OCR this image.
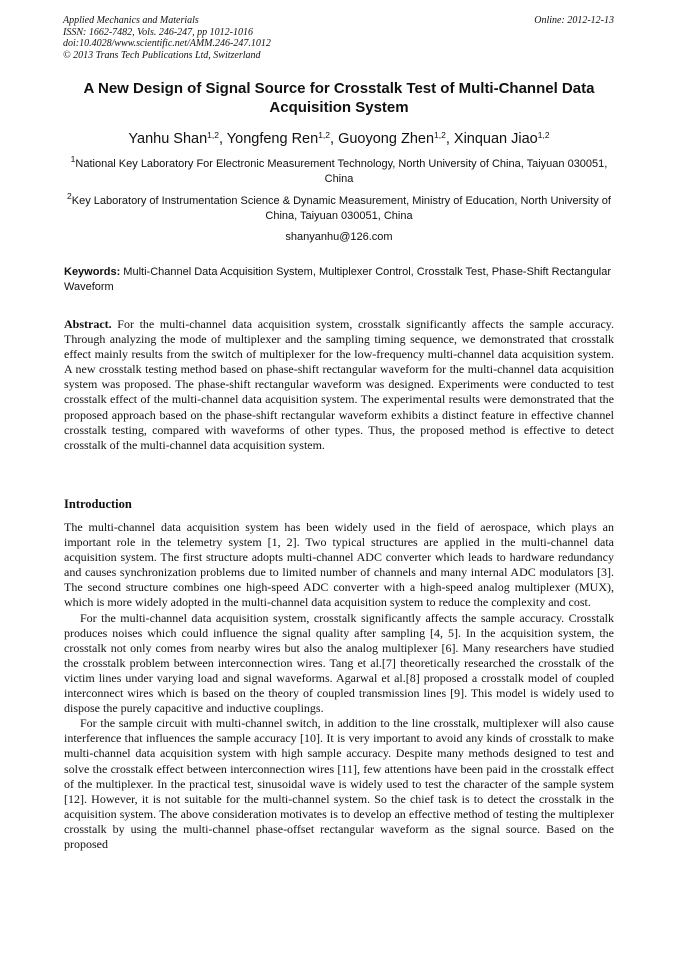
Applied Mechanics and Materials
ISSN: 1662-7482, Vols. 246-247, pp 1012-1016
doi:10.4028/www.scientific.net/AMM.246-247.1012
© 2013 Trans Tech Publications Ltd, Switzerland
Online: 2012-12-13
A New Design of Signal Source for Crosstalk Test of Multi-Channel Data Acquisition System
Yanhu Shan$^{1,2}$, Yongfeng Ren$^{1,2}$, Guoyong Zhen$^{1,2}$, Xinquan Jiao$^{1,2}$
$^1$National Key Laboratory For Electronic Measurement Technology, North University of China, Taiyuan 030051, China
$^2$Key Laboratory of Instrumentation Science & Dynamic Measurement, Ministry of Education, North University of China, Taiyuan 030051, China
shanyanhu@126.com
Keywords: Multi-Channel Data Acquisition System, Multiplexer Control, Crosstalk Test, Phase-Shift Rectangular Waveform
Abstract. For the multi-channel data acquisition system, crosstalk significantly affects the sample accuracy. Through analyzing the mode of multiplexer and the sampling timing sequence, we demonstrated that crosstalk effect mainly results from the switch of multiplexer for the low-frequency multi-channel data acquisition system. A new crosstalk testing method based on phase-shift rectangular waveform for the multi-channel data acquisition system was proposed. The phase-shift rectangular waveform was designed. Experiments were conducted to test crosstalk effect of the multi-channel data acquisition system. The experimental results were demonstrated that the proposed approach based on the phase-shift rectangular waveform exhibits a distinct feature in effective channel crosstalk testing, compared with waveforms of other types. Thus, the proposed method is effective to detect crosstalk of the multi-channel data acquisition system.
Introduction

The multi-channel data acquisition system has been widely used in the field of aerospace, which plays an important role in the telemetry system [1, 2]. Two typical structures are applied in the multi-channel data acquisition system. The first structure adopts multi-channel ADC converter which leads to hardware redundancy and causes synchronization problems due to limited number of channels and many internal ADC modulators [3]. The second structure combines one high-speed ADC converter with a high-speed analog multiplexer (MUX), which is more widely adopted in the multi-channel data acquisition system to reduce the complexity and cost.

For the multi-channel data acquisition system, crosstalk significantly affects the sample accuracy. Crosstalk produces noises which could influence the signal quality after sampling [4, 5]. In the acquisition system, the crosstalk not only comes from nearby wires but also the analog multiplexer [6]. Many researchers have studied the crosstalk problem between interconnection wires. Tang et al.[7] theoretically researched the crosstalk of the victim lines under varying load and signal waveforms. Agarwal et al.[8] proposed a crosstalk model of coupled interconnect wires which is based on the theory of coupled transmission lines [9]. This model is widely used to dispose the purely capacitive and inductive couplings.

For the sample circuit with multi-channel switch, in addition to the line crosstalk, multiplexer will also cause interference that influences the sample accuracy [10]. It is very important to avoid any kinds of crosstalk to make multi-channel data acquisition system with high sample accuracy. Despite many methods designed to test and solve the crosstalk effect between interconnection wires [11], few attentions have been paid in the crosstalk effect of the multiplexer. In the practical test, sinusoidal wave is widely used to test the character of the sample system [12]. However, it is not suitable for the multi-channel system. So the chief task is to detect the crosstalk in the acquisition system. The above consideration motivates is to develop an effective method of testing the multiplexer crosstalk by using the multi-channel phase-offset rectangular waveform as the signal source. Based on the proposed
